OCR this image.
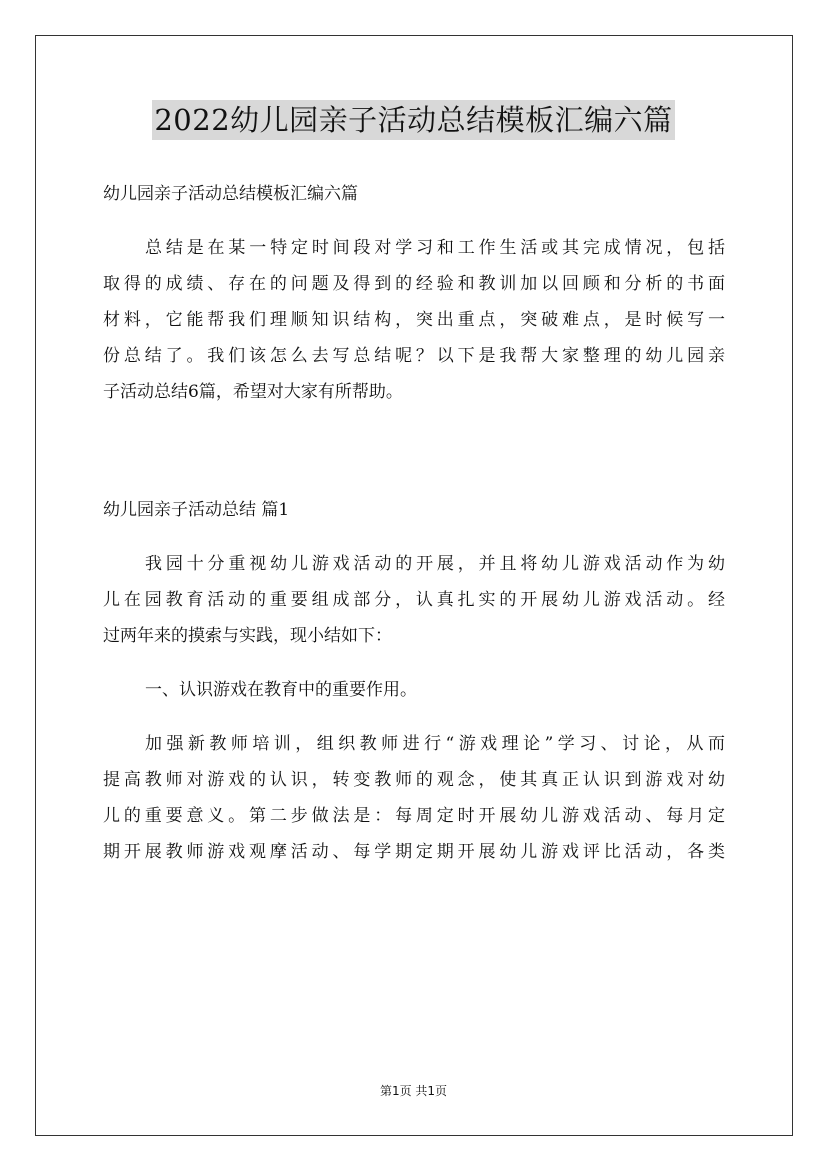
2022幼儿园亲子活动总结模板汇编六篇
幼儿园亲子活动总结模板汇编六篇
总结是在某一特定时间段对学习和工作生活或其完成情况，包括
取得的成绩、存在的问题及得到的经验和教训加以回顾和分析的书面
材料，它能帮我们理顺知识结构，突出重点，突破难点，是时候写一
份总结了。我们该怎么去写总结呢？以下是我帮大家整理的幼儿园亲
子活动总结6篇，希望对大家有所帮助。
幼儿园亲子活动总结 篇1
我园十分重视幼儿游戏活动的开展，并且将幼儿游戏活动作为幼
儿在园教育活动的重要组成部分，认真扎实的开展幼儿游戏活动。经
过两年来的摸索与实践，现小结如下：
一、认识游戏在教育中的重要作用。
加强新教师培训，组织教师进行“游戏理论”学习、讨论，从而
提高教师对游戏的认识，转变教师的观念，使其真正认识到游戏对幼
儿的重要意义。第二步做法是：每周定时开展幼儿游戏活动、每月定
期开展教师游戏观摩活动、每学期定期开展幼儿游戏评比活动，各类
第1页 共1页
